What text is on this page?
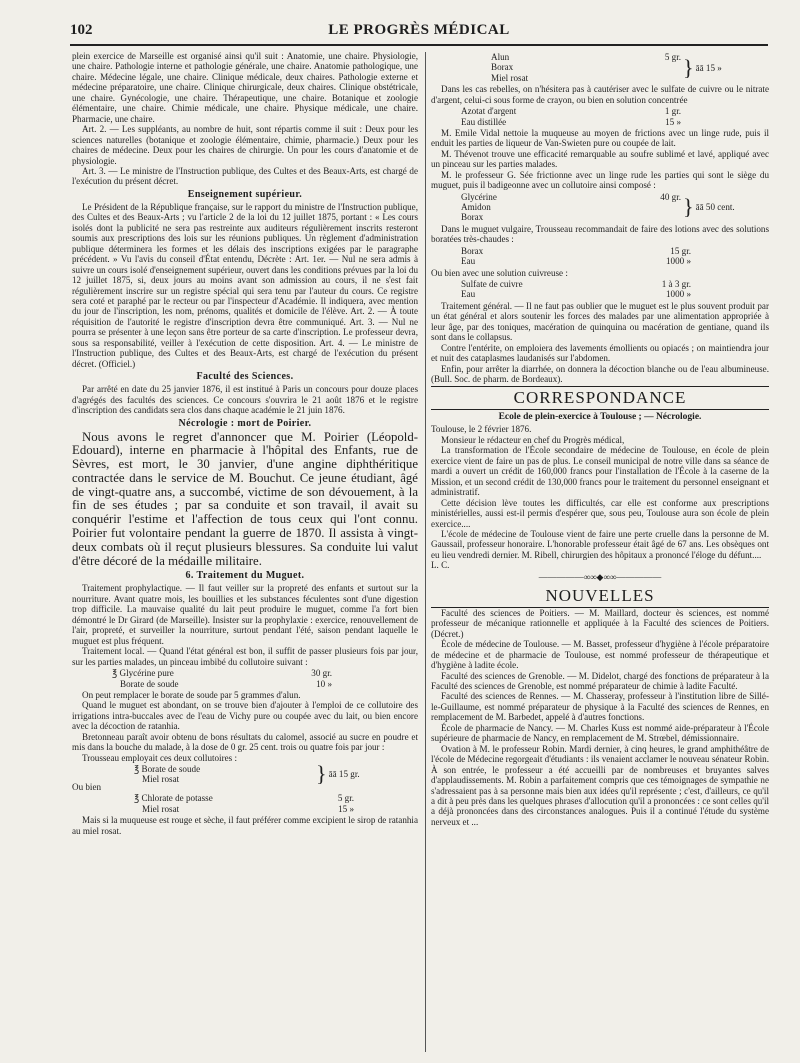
102	LE PROGRÈS MÉDICAL

plein exercice de Marseille est organisé ainsi qu'il suit : Anatomie, une chaire. Physiologie, une chaire. Pathologie interne et pathologie générale, une chaire. Anatomie pathologique, une chaire. Médecine légale, une chaire. Clinique médicale, deux chaires. Pathologie externe et médecine préparatoire, une chaire. Clinique chirurgicale, deux chaires. Clinique obstétricale, une chaire. Gynécologie, une chaire. Thérapeutique, une chaire. Botanique et zoologie élémentaire, une chaire. Chimie médicale, une chaire. Physique médicale, une chaire. Pharmacie, une chaire.

Art. 2. — Les suppléants, au nombre de huit, sont répartis comme il suit : Deux pour les sciences naturelles (botanique et zoologie élémentaire, chimie, pharmacie.) Deux pour les chaires de médecine. Deux pour les chaires de chirurgie. Un pour les cours d'anatomie et de physiologie.

Art. 3. — Le ministre de l'Instruction publique, des Cultes et des Beaux-Arts, est chargé de l'exécution du présent décret.

Enseignement supérieur.

Le Président de la République française, sur le rapport du ministre de l'Instruction publique, des Cultes et des Beaux-Arts ; vu l'article 2 de la loi du 12 juillet 1875, portant : « Les cours isolés dont la publicité ne sera pas restreinte aux auditeurs régulièrement inscrits resteront soumis aux prescriptions des lois sur les réunions publiques. Un règlement d'administration publique déterminera les formes et les délais des inscriptions exigées par le paragraphe précédent. » Vu l'avis du conseil d'État entendu, Décrète : Art. 1er. — Nul ne sera admis à suivre un cours isolé d'enseignement supérieur, ouvert dans les conditions prévues par la loi du 12 juillet 1875, si, deux jours au moins avant son admission au cours, il ne s'est fait régulièrement inscrire sur un registre spécial qui sera tenu par l'auteur du cours. Ce registre sera coté et paraphé par le recteur ou par l'inspecteur d'Académie. Il indiquera, avec mention du jour de l'inscription, les nom, prénoms, qualités et domicile de l'élève. Art. 2. — À toute réquisition de l'autorité le registre d'inscription devra être communiqué. Art. 3. — Nul ne pourra se présenter à une leçon sans être porteur de sa carte d'inscription. Le professeur devra, sous sa responsabilité, veiller à l'exécution de cette disposition. Art. 4. — Le ministre de l'Instruction publique, des Cultes et des Beaux-Arts, est chargé de l'exécution du présent décret. (Officiel.)

Faculté des Sciences.

Par arrêté en date du 25 janvier 1876, il est institué à Paris un concours pour douze places d'agrégés des facultés des sciences. Ce concours s'ouvrira le 21 août 1876 et le registre d'inscription des candidats sera clos dans chaque académie le 21 juin 1876.

Nécrologie : mort de Poirier.

Nous avons le regret d'annoncer que M. Poirier (Léopold-Edouard), interne en pharmacie à l'hôpital des Enfants, rue de Sèvres, est mort, le 30 janvier, d'une angine diphthéritique contractée dans le service de M. Bouchut. Ce jeune étudiant, âgé de vingt-quatre ans, a succombé, victime de son dévouement, à la fin de ses études ; par sa conduite et son travail, il avait su conquérir l'estime et l'affection de tous ceux qui l'ont connu. Poirier fut volontaire pendant la guerre de 1870. Il assista à vingt-deux combats où il reçut plusieurs blessures. Sa conduite lui valut d'être décoré de la médaille militaire.

6. Traitement du Muguet.

Traitement prophylactique. — Il faut veiller sur la propreté des enfants et surtout sur la nourriture. Avant quatre mois, les bouillies et les substances féculentes sont d'une digestion trop difficile. La mauvaise qualité du lait peut produire le muguet, comme l'a fort bien démontré le Dr Girard (de Marseille). Insister sur la prophylaxie : exercice, renouvellement de l'air, propreté, et surveiller la nourriture, surtout pendant l'été, saison pendant laquelle le muguet est plus fréquent.

Traitement local. — Quand l'état général est bon, il suffit de passer plusieurs fois par jour, sur les parties malades, un pinceau imbibé du collutoire suivant :

℥ Glycérine pure	30 gr.
Borate de soude	10 »

On peut remplacer le borate de soude par 5 grammes d'alun.

Quand le muguet est abondant, on se trouve bien d'ajouter à l'emploi de ce collutoire des irrigations intra-buccales avec de l'eau de Vichy pure ou coupée avec du lait, ou bien encore avec la décoction de ratanhia.

Bretonneau paraît avoir obtenu de bons résultats du calomel, associé au sucre en poudre et mis dans la bouche du malade, à la dose de 0 gr. 25 cent. trois ou quatre fois par jour :

Trousseau employait ces deux collutoires :

℥ Borate de soude
Miel rosat	} āā 15 gr.

Ou bien

℥ Chlorate de potasse	5 gr.
Miel rosat	15 »

Mais si la muqueuse est rouge et sèche, il faut préférer comme excipient le sirop de ratanhia au miel rosat.

Alun	5 gr.
Borax
Miel rosat	} āā 15 »

Dans les cas rebelles, on n'hésitera pas à cautériser avec le sulfate de cuivre ou le nitrate d'argent, celui-ci sous forme de crayon, ou bien en solution concentrée

Azotat d'argent	1 gr.
Eau distillée	15 »

M. Emile Vidal nettoie la muqueuse au moyen de frictions avec un linge rude, puis il enduit les parties de liqueur de Van-Swieten pure ou coupée de lait.

M. Thévenot trouve une efficacité remarquable au soufre sublimé et lavé, appliqué avec un pinceau sur les parties malades.

M. le professeur G. Sée frictionne avec un linge rude les parties qui sont le siège du muguet, puis il badigeonne avec un collutoire ainsi composé :

Glycérine	40 gr.
Amidon
Borax	} āā 50 cent.

Dans le muguet vulgaire, Trousseau recommandait de faire des lotions avec des solutions boratées très-chaudes :

Borax	15 gr.
Eau	1000 »

Ou bien avec une solution cuivreuse :

Sulfate de cuivre	1 à 3 gr.
Eau	1000 »

Traitement général. — Il ne faut pas oublier que le muguet est le plus souvent produit par un état général et alors soutenir les forces des malades par une alimentation appropriée à leur âge, par des toniques, macération de quinquina ou macération de gentiane, quand ils sont dans le collapsus.

Contre l'entérite, on emploiera des lavements émollients ou opiacés ; on maintiendra jour et nuit des cataplasmes laudanisés sur l'abdomen.

Enfin, pour arrêter la diarrhée, on donnera la décoction blanche ou de l'eau albumineuse. (Bull. Soc. de pharm. de Bordeaux).

CORRESPONDANCE
Ecole de plein-exercice à Toulouse ; — Nécrologie.

Toulouse, le 2 février 1876.

Monsieur le rédacteur en chef du Progrès médical,

La transformation de l'École secondaire de médecine de Toulouse, en école de plein exercice vient de faire un pas de plus. Le conseil municipal de notre ville dans sa séance de mardi a ouvert un crédit de 160,000 francs pour l'installation de l'École à la caserne de la Mission, et un second crédit de 130,000 francs pour le traitement du personnel enseignant et administratif.

Cette décision lève toutes les difficultés, car elle est conforme aux prescriptions ministérielles, aussi est-il permis d'espérer que, sous peu, Toulouse aura son école de plein exercice....

L'école de médecine de Toulouse vient de faire une perte cruelle dans la personne de M. Gaussail, professeur honoraire. L'honorable professeur était âgé de 67 ans. Les obsèques ont eu lieu vendredi dernier. M. Ribell, chirurgien des hôpitaux a prononcé l'éloge du défunt....

L. C.

—————∞∞◆∞∞—————
NOUVELLES

Faculté des sciences de Poitiers. — M. Maillard, docteur ès sciences, est nommé professeur de mécanique rationnelle et appliquée à la Faculté des sciences de Poitiers. (Décret.)

École de médecine de Toulouse. — M. Basset, professeur d'hygiène à l'école préparatoire de médecine et de pharmacie de Toulouse, est nommé professeur de thérapeutique et d'hygiène à ladite école.

Faculté des sciences de Grenoble. — M. Didelot, chargé des fonctions de préparateur à la Faculté des sciences de Grenoble, est nommé préparateur de chimie à ladite Faculté.

Faculté des sciences de Rennes. — M. Chasseray, professeur à l'institution libre de Sillé-le-Guillaume, est nommé préparateur de physique à la Faculté des sciences de Rennes, en remplacement de M. Barbedet, appelé à d'autres fonctions.

École de pharmacie de Nancy. — M. Charles Kuss est nommé aide-préparateur à l'École supérieure de pharmacie de Nancy, en remplacement de M. Strœbel, démissionnaire.

Ovation à M. le professeur Robin. Mardi dernier, à cinq heures, le grand amphithéâtre de l'école de Médecine regorgeait d'étudiants : ils venaient acclamer le nouveau sénateur Robin. À son entrée, le professeur a été accueilli par de nombreuses et bruyantes salves d'applaudissements. M. Robin a parfaitement compris que ces témoignages de sympathie ne s'adressaient pas à sa personne mais bien aux idées qu'il représente ; c'est, d'ailleurs, ce qu'il a dit à peu près dans les quelques phrases d'allocution qu'il a prononcées : ce sont celles qu'il a déjà prononcées dans des circonstances analogues. Puis il a continué l'étude du système nerveux et ...
